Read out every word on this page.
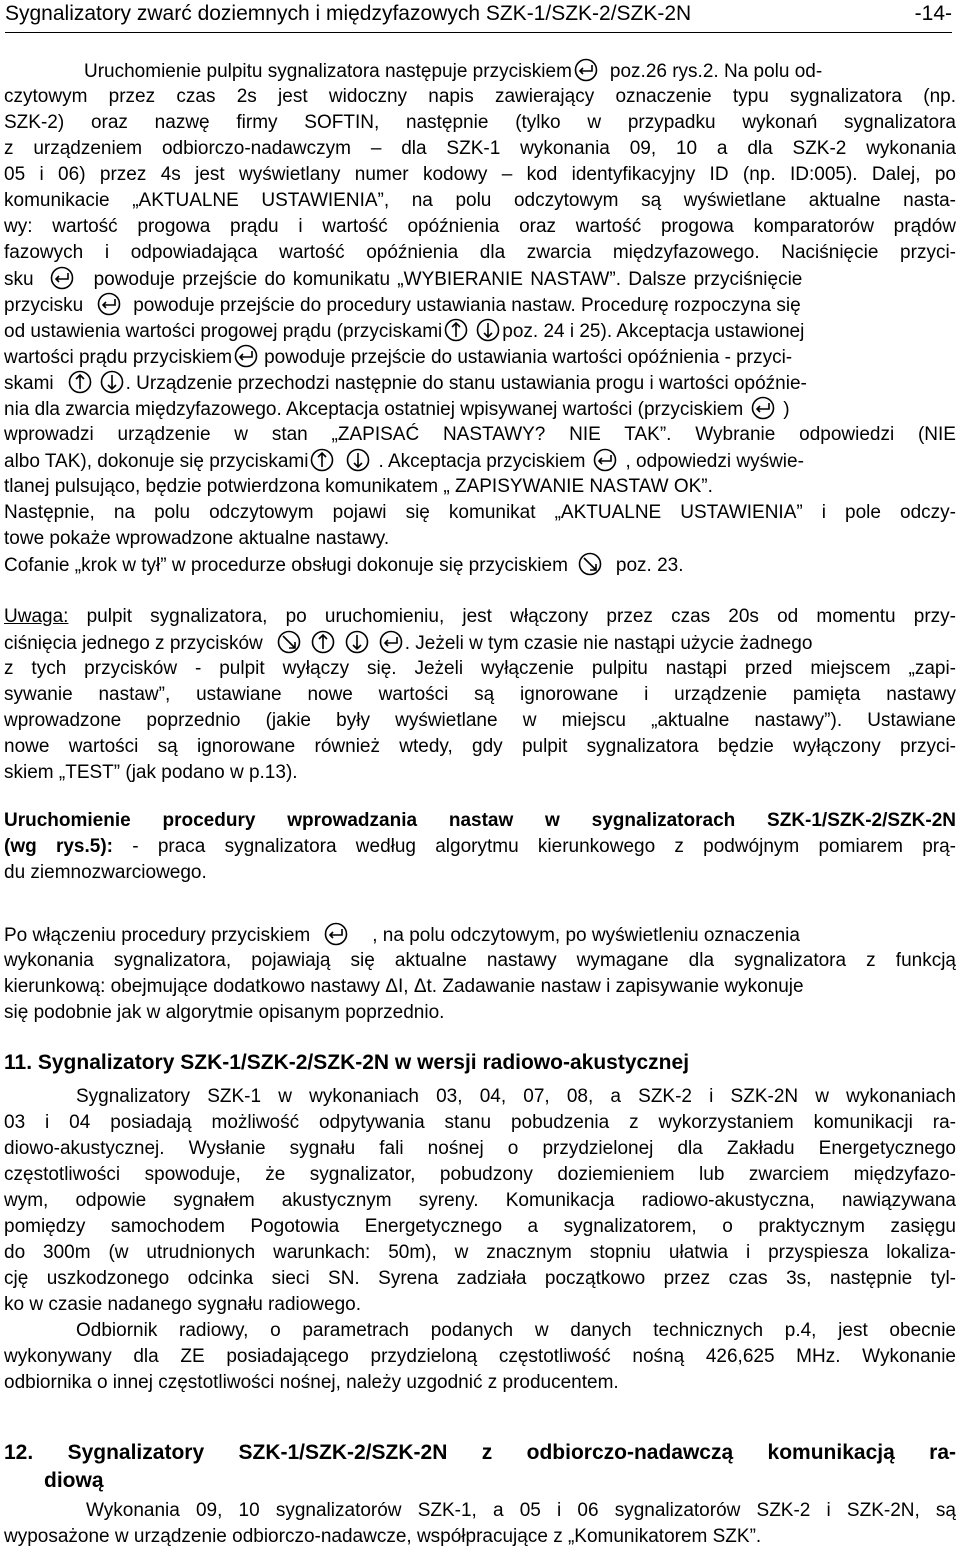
Sygnalizatory zwarć doziemnych i międzyfazowych SZK-1/SZK-2/SZK-2N	-14-
Uruchomienie pulpitu sygnalizatora następuje przyciskiem poz.26 rys.2. Na polu od-
czytowym przez czas 2s jest widoczny napis zawierający oznaczenie typu sygnalizatora (np.
SZK-2) oraz nazwę firmy SOFTIN, następnie (tylko w przypadku wykonań sygnalizatora
z urządzeniem odbiorczo-nadawczym – dla SZK-1 wykonania 09, 10 a dla SZK-2 wykonania
05 i 06) przez 4s jest wyświetlany numer kodowy – kod identyfikacyjny ID (np. ID:005). Dalej, po
komunikacie „AKTUALNE USTAWIENIA”, na polu odczytowym są wyświetlane aktualne nasta-
wy: wartość progowa prądu i wartość opóźnienia oraz wartość progowa komparatorów prądów
fazowych i odpowiadająca wartość opóźnienia dla zwarcia międzyfazowego. Naciśnięcie przyci-
sku	powoduje przejście do komunikatu „WYBIERANIE NASTAW”. Dalsze przyciśnięcie
przycisku	powoduje przejście do procedury ustawiania nastaw. Procedurę rozpoczyna się
od ustawienia wartości progowej prądu (przyciskami	poz. 24 i 25). Akceptacja ustawionej
wartości prądu przyciskiem powoduje przejście do ustawiania wartości opóźnienia - przyci-
skami	. Urządzenie przechodzi następnie do stanu ustawiania progu i wartości opóźnie-
nia dla zwarcia międzyfazowego. Akceptacja ostatniej wpisywanej wartości (przyciskiem )
wprowadzi urządzenie w stan „ZAPISAĆ NASTAWY? NIE TAK”. Wybranie odpowiedzi (NIE
albo TAK), dokonuje się przyciskami	. Akceptacja przyciskiem , odpowiedzi wyświe-
tlanej pulsująco, będzie potwierdzona komunikatem „ ZAPISYWANIE NASTAW OK”.
Następnie, na polu odczytowym pojawi się komunikat „AKTUALNE USTAWIENIA” i pole odczy-
towe pokaże wprowadzone aktualne nastawy.
Cofanie „krok w tył” w procedurze obsługi dokonuje się przyciskiem	poz. 23.
Uwaga: pulpit sygnalizatora, po uruchomieniu, jest włączony przez czas 20s od momentu przy-
ciśnięcia jednego z przycisków	. Jeżeli w tym czasie nie nastąpi użycie żadnego
z tych przycisków - pulpit wyłączy się. Jeżeli wyłączenie pulpitu nastąpi przed miejscem „zapi-
sywanie nastaw”, ustawiane nowe wartości są ignorowane i urządzenie pamięta nastawy
wprowadzone poprzednio (jakie były wyświetlane w miejscu „aktualne nastawy”). Ustawiane
nowe wartości są ignorowane również wtedy, gdy pulpit sygnalizatora będzie wyłączony przyci-
skiem „TEST” (jak podano w p.13).
Uruchomienie procedury wprowadzania nastaw w sygnalizatorach SZK-1/SZK-2/SZK-2N
(wg rys.5): - praca sygnalizatora według algorytmu kierunkowego z podwójnym pomiarem prą-
du ziemnozwarciowego.
Po włączeniu procedury przyciskiem	, na polu odczytowym, po wyświetleniu oznaczenia
wykonania sygnalizatora, pojawiają się aktualne nastawy wymagane dla sygnalizatora z funkcją
kierunkową: obejmujące dodatkowo nastawy ΔI, Δt. Zadawanie nastaw i zapisywanie wykonuje
się podobnie jak w algorytmie opisanym poprzednio.
11. Sygnalizatory SZK-1/SZK-2/SZK-2N w wersji radiowo-akustycznej
Sygnalizatory SZK-1 w wykonaniach 03, 04, 07, 08, a SZK-2 i SZK-2N w wykonaniach
03 i 04 posiadają możliwość odpytywania stanu pobudzenia z wykorzystaniem komunikacji ra-
diowo-akustycznej. Wysłanie sygnału fali nośnej o przydzielonej dla Zakładu Energetycznego
częstotliwości spowoduje, że sygnalizator, pobudzony doziemieniem lub zwarciem międzyfazo-
wym, odpowie sygnałem akustycznym syreny. Komunikacja radiowo-akustyczna, nawiązywana
pomiędzy samochodem Pogotowia Energetycznego a sygnalizatorem, o praktycznym zasięgu
do 300m (w utrudnionych warunkach: 50m), w znacznym stopniu ułatwia i przyspiesza lokaliza-
cję uszkodzonego odcinka sieci SN. Syrena zadziała początkowo przez czas 3s, następnie tyl-
ko w czasie nadanego sygnału radiowego.
Odbiornik radiowy, o parametrach podanych w danych technicznych p.4, jest obecnie
wykonywany dla ZE posiadającego przydzieloną częstotliwość nośną 426,625 MHz. Wykonanie
odbiornika o innej częstotliwości nośnej, należy uzgodnić z producentem.
12. Sygnalizatory SZK-1/SZK-2/SZK-2N z odbiorczo-nadawczą komunikacją ra-
diową
Wykonania 09, 10 sygnalizatorów SZK-1, a 05 i 06 sygnalizatorów SZK-2 i SZK-2N, są
wyposażone w urządzenie odbiorczo-nadawcze, współpracujące z „Komunikatorem SZK”.
